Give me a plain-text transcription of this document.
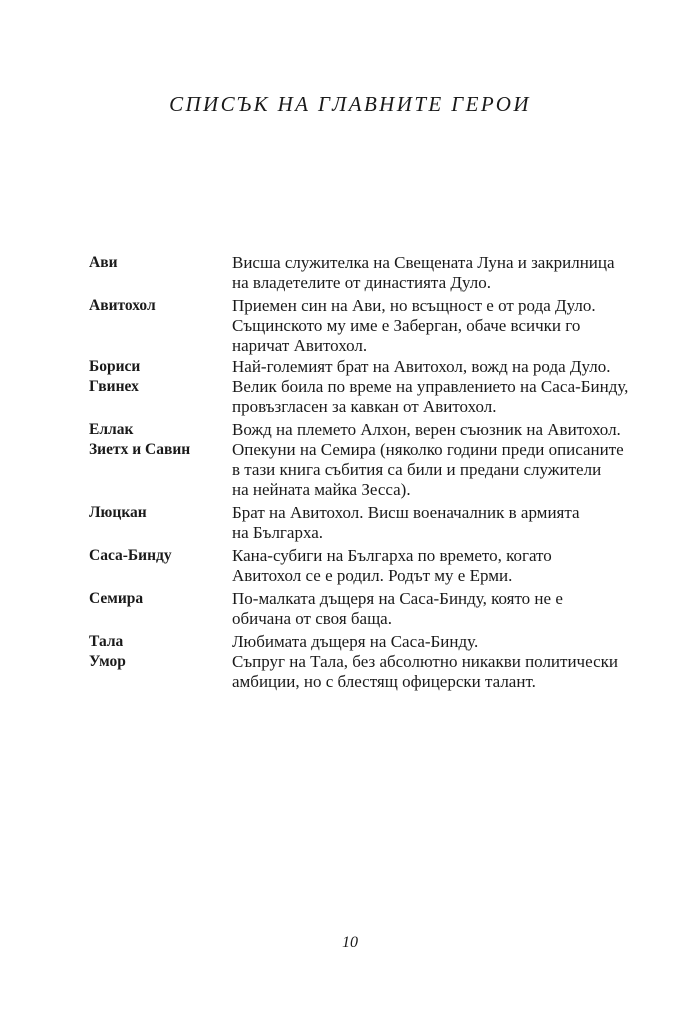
СПИСЪК НА ГЛАВНИТЕ ГЕРОИ
Ави	Висша служителка на Свещената Луна и закрилница
на владетелите от династията Дуло.
Авитохол	Приемен син на Ави, но всъщност е от рода Дуло.
Същинското му име е Заберган, обаче всички го
наричат Авитохол.
Бориси	Най-големият брат на Авитохол, вожд на рода Дуло.
Гвинех	Велик боила по време на управлението на Саса-Бинду,
провъзгласен за кавкан от Авитохол.
Еллак	Вожд на племето Алхон, верен съюзник на Авитохол.
Зиетх и Савин	Опекуни на Семира (няколко години преди описаните
в тази книга събития са били и предани служители
на нейната майка Зесса).
Люцкан	Брат на Авитохол. Висш военачалник в армията
на Българха.
Саса-Бинду	Кана-субиги на Българха по времето, когато
Авитохол се е родил. Родът му е Ерми.
Семира	По-малката дъщеря на Саса-Бинду, която не е
обичана от своя баща.
Тала	Любимата дъщеря на Саса-Бинду.
Умор	Съпруг на Тала, без абсолютно никакви политически
амбиции, но с блестящ офицерски талант.
10
